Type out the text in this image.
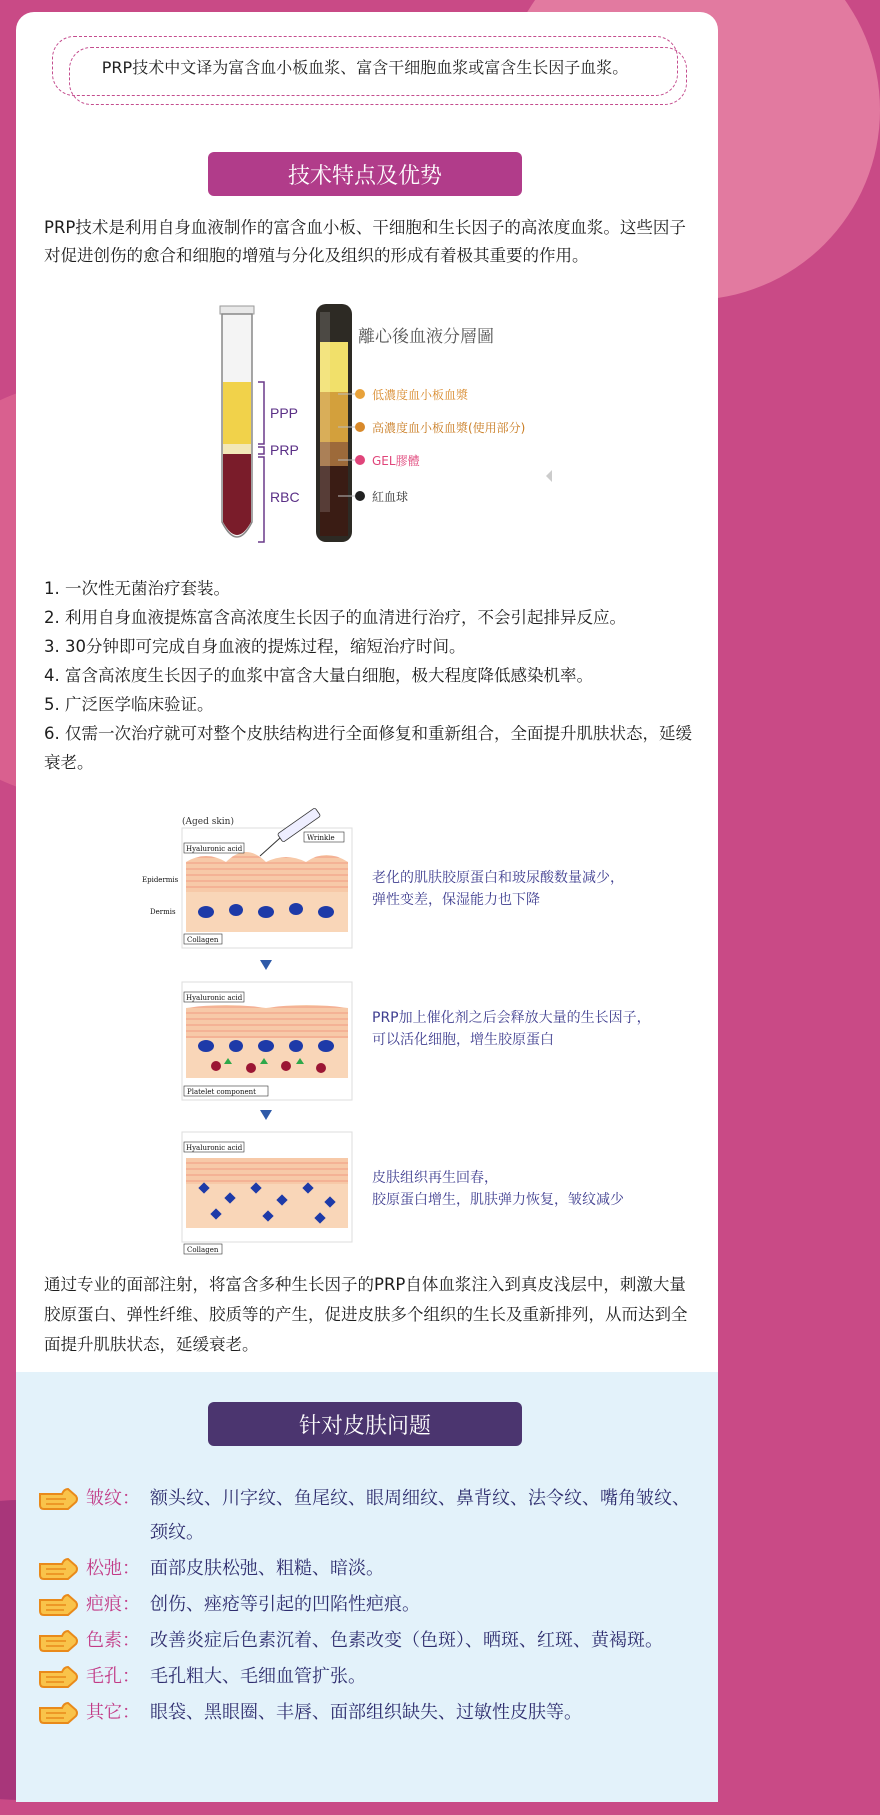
PRP技术中文译为富含血小板血浆、富含干细胞血浆或富含生长因子血浆。
技术特点及优势
PRP技术是利用自身血液制作的富含血小板、干细胞和生长因子的高浓度血浆。这些因子对促进创伤的愈合和细胞的增殖与分化及组织的形成有着极其重要的作用。
PPP
PRP
RBC
離心後血液分層圖
低濃度血小板血漿
高濃度血小板血漿(使用部分)
GEL膠體
紅血球
1. 一次性无菌治疗套装。
2. 利用自身血液提炼富含高浓度生长因子的血清进行治疗，不会引起排异反应。
3. 30分钟即可完成自身血液的提炼过程，缩短治疗时间。
4. 富含高浓度生长因子的血浆中富含大量白细胞，极大程度降低感染机率。
5. 广泛医学临床验证。
6. 仅需一次治疗就可对整个皮肤结构进行全面修复和重新组合，全面提升肌肤状态，延缓衰老。
(Aged skin)
Hyaluronic acid
Wrinkle
Epidermis
Dermis
Collagen
老化的肌肤胶原蛋白和玻尿酸数量减少，弹性变差，保湿能力也下降
Hyaluronic acid
Platelet component
PRP加上催化剂之后会释放大量的生长因子，可以活化细胞，增生胶原蛋白
Hyaluronic acid
Collagen
皮肤组织再生回春，胶原蛋白增生，肌肤弹力恢复，皱纹减少
通过专业的面部注射，将富含多种生长因子的PRP自体血浆注入到真皮浅层中，刺激大量胶原蛋白、弹性纤维、胶质等的产生，促进皮肤多个组织的生长及重新排列，从而达到全面提升肌肤状态，延缓衰老。
针对皮肤问题
皱纹： 额头纹、川字纹、鱼尾纹、眼周细纹、鼻背纹、法令纹、嘴角皱纹、颈纹。
松弛： 面部皮肤松弛、粗糙、暗淡。
疤痕： 创伤、痤疮等引起的凹陷性疤痕。
色素： 改善炎症后色素沉着、色素改变（色斑）、晒斑、红斑、黄褐斑。
毛孔： 毛孔粗大、毛细血管扩张。
其它： 眼袋、黑眼圈、丰唇、面部组织缺失、过敏性皮肤等。
